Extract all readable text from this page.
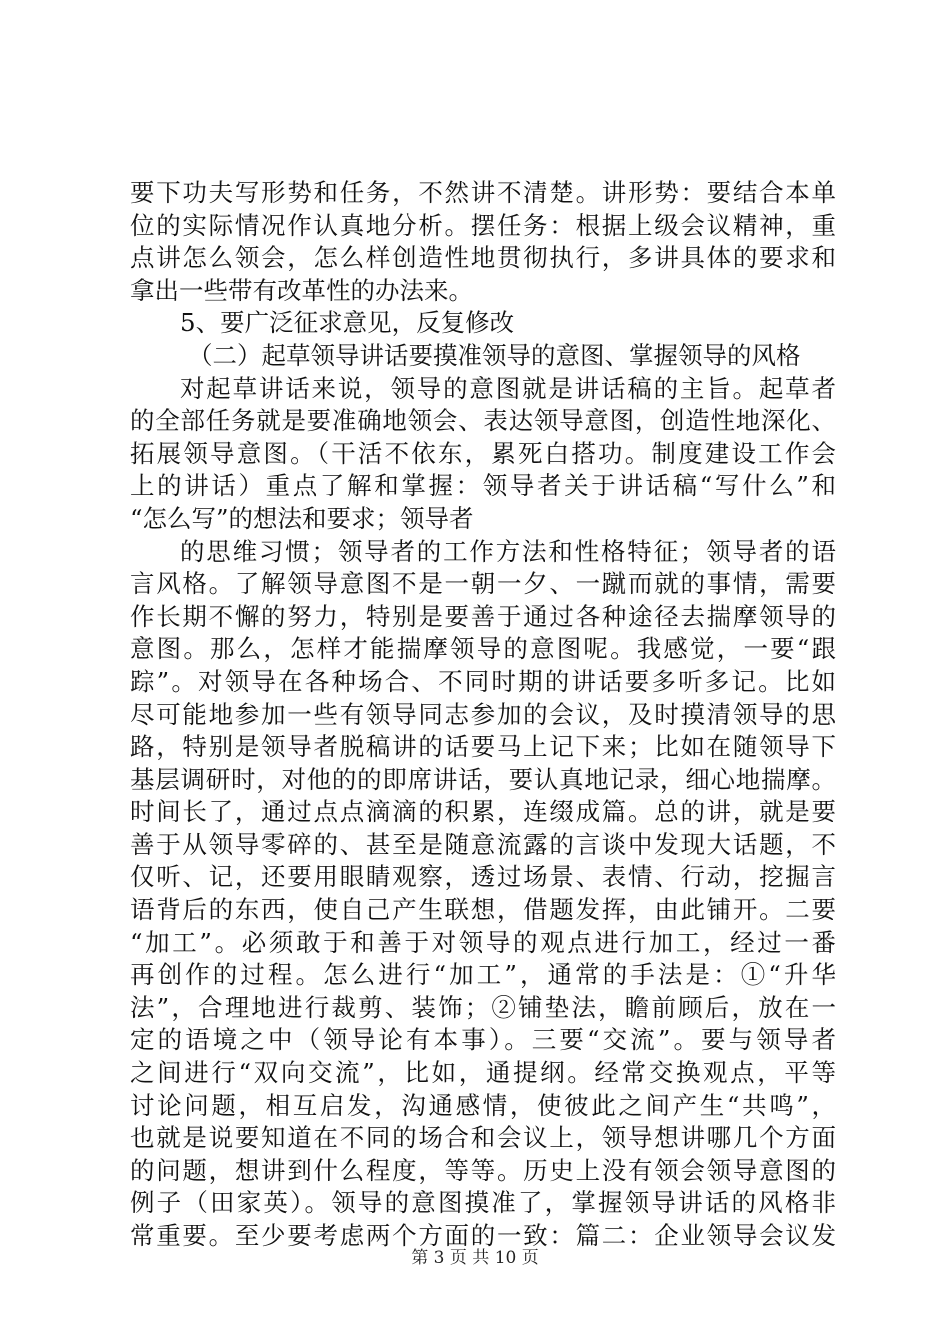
要下功夫写形势和任务，不然讲不清楚。讲形势：要结合本单
位的实际情况作认真地分析。摆任务：根据上级会议精神，重
点讲怎么领会，怎么样创造性地贯彻执行，多讲具体的要求和
拿出一些带有改革性的办法来。
5、要广泛征求意见，反复修改
（二）起草领导讲话要摸准领导的意图、掌握领导的风格
对起草讲话来说，领导的意图就是讲话稿的主旨。起草者
的全部任务就是要准确地领会、表达领导意图，创造性地深化、
拓展领导意图。（干活不依东，累死白搭功。制度建设工作会
上的讲话）重点了解和掌握：领导者关于讲话稿“写什么”和
“怎么写”的想法和要求；领导者
的思维习惯；领导者的工作方法和性格特征；领导者的语
言风格。了解领导意图不是一朝一夕、一蹴而就的事情，需要
作长期不懈的努力，特别是要善于通过各种途径去揣摩领导的
意图。那么，怎样才能揣摩领导的意图呢。我感觉，一要“跟
踪”。对领导在各种场合、不同时期的讲话要多听多记。比如
尽可能地参加一些有领导同志参加的会议，及时摸清领导的思
路，特别是领导者脱稿讲的话要马上记下来；比如在随领导下
基层调研时，对他的的即席讲话，要认真地记录，细心地揣摩。
时间长了，通过点点滴滴的积累，连缀成篇。总的讲，就是要
善于从领导零碎的、甚至是随意流露的言谈中发现大话题，不
仅听、记，还要用眼睛观察，透过场景、表情、行动，挖掘言
语背后的东西，使自己产生联想，借题发挥，由此铺开。二要
“加工”。必须敢于和善于对领导的观点进行加工，经过一番
再创作的过程。怎么进行“加工”，通常的手法是：①“升华
法”，合理地进行裁剪、装饰；②铺垫法，瞻前顾后，放在一
定的语境之中（领导论有本事）。三要“交流”。要与领导者
之间进行“双向交流”，比如，通提纲。经常交换观点，平等
讨论问题，相互启发，沟通感情，使彼此之间产生“共鸣”，
也就是说要知道在不同的场合和会议上，领导想讲哪几个方面
的问题，想讲到什么程度，等等。历史上没有领会领导意图的
例子（田家英）。领导的意图摸准了，掌握领导讲话的风格非
常重要。至少要考虑两个方面的一致：篇二：企业领导会议发
第 3 页 共 10 页
